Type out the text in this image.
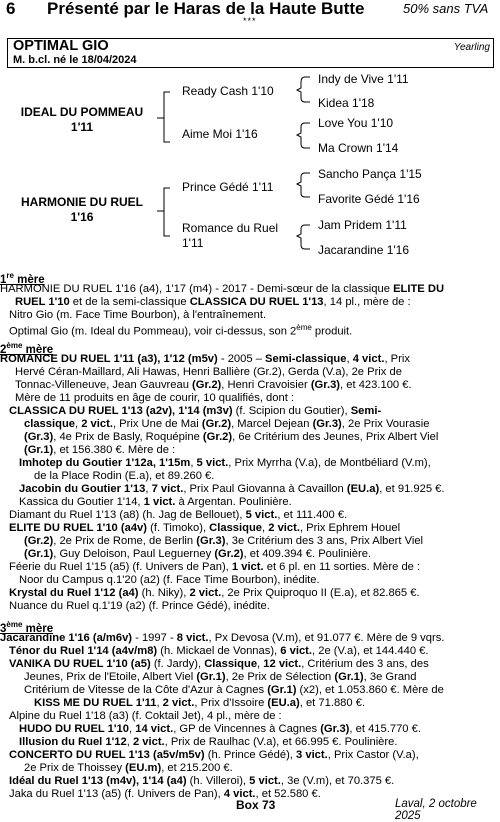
6 Présenté par le Haras de la Haute Butte	50% sans TVA
***
OPTIMAL GIO
M. b.cl. né le 18/04/2024
Yearling
IDEAL DU POMMEAU
1'11
HARMONIE DU RUEL
1'16
Ready Cash 1'10
Aime Moi 1'16
Prince Gédé 1'11
Romance du Ruel
1'11
Indy de Vive 1'11
Kidea 1'18
Love You 1'10
Ma Crown 1'14
Sancho Pança 1'15
Favorite Gédé 1'16
Jam Pridem 1'11
Jacarandine 1'16
1re mère
HARMONIE DU RUEL 1'16 (a4), 1'17 (m4) - 2017 - Demi-sœur de la classique ELITE DU
RUEL 1'10 et de la semi-classique CLASSICA DU RUEL 1'13, 14 pl., mère de :
Nitro Gio (m. Face Time Bourbon), à l'entraînement.
Optimal Gio (m. Ideal du Pommeau), voir ci-dessus, son 2ème produit.
2ème mère
ROMANCE DU RUEL 1'11 (a3), 1'12 (m5v) - 2005 – Semi-classique, 4 vict., Prix
Hervé Céran-Maillard, Ali Hawas, Henri Ballière (Gr.2), Gerda (V.a), 2e Prix de
Tonnac-Villeneuve, Jean Gauvreau (Gr.2), Henri Cravoisier (Gr.3), et 423.100 €.
Mère de 11 produits en âge de courir, 10 qualifiés, dont :
CLASSICA DU RUEL 1'13 (a2v), 1'14 (m3v) (f. Scipion du Goutier), Semi-
classique, 2 vict., Prix Une de Mai (Gr.2), Marcel Dejean (Gr.3), 2e Prix Vourasie
(Gr.3), 4e Prix de Basly, Roquépine (Gr.2), 6e Critérium des Jeunes, Prix Albert Viel
(Gr.1), et 156.380 €. Mère de :
Imhotep du Goutier 1'12a, 1'15m, 5 vict., Prix Myrrha (V.a), de Montbéliard (V.m),
de la Place Rodin (E.a), et 89.260 €.
Jacobin du Goutier 1'13, 7 vict., Prix Paul Giovanna à Cavaillon (EU.a), et 91.925 €.
Kassica du Goutier 1'14, 1 vict. à Argentan. Poulinière.
Diamant du Ruel 1'13 (a8) (h. Jag de Bellouet), 5 vict., et 111.400 €.
ELITE DU RUEL 1'10 (a4v) (f. Timoko), Classique, 2 vict., Prix Ephrem Houel
(Gr.2), 2e Prix de Rome, de Berlin (Gr.3), 3e Critérium des 3 ans, Prix Albert Viel
(Gr.1), Guy Deloison, Paul Leguerney (Gr.2), et 409.394 €. Poulinière.
Féerie du Ruel 1'15 (a5) (f. Univers de Pan), 1 vict. et 6 pl. en 11 sorties. Mère de :
Noor du Campus q.1'20 (a2) (f. Face Time Bourbon), inédite.
Krystal du Ruel 1'12 (a4) (h. Niky), 2 vict., 2e Prix Quiproquo II (E.a), et 82.865 €.
Nuance du Ruel q.1'19 (a2) (f. Prince Gédé), inédite.
3ème mère
Jacarandine 1'16 (a/m6v) - 1997 - 8 vict., Px Devosa (V.m), et 91.077 €. Mère de 9 vqrs.
Ténor du Ruel 1'14 (a4v/m8) (h. Mickael de Vonnas), 6 vict., 2e (V.a), et 144.440 €.
VANIKA DU RUEL 1'10 (a5) (f. Jardy), Classique, 12 vict., Critérium des 3 ans, des
Jeunes, Prix de l'Etoile, Albert Viel (Gr.1), 2e Prix de Sélection (Gr.1), 3e Grand
Critérium de Vitesse de la Côte d'Azur à Cagnes (Gr.1) (x2), et 1.053.860 €. Mère de
KISS ME DU RUEL 1'11, 2 vict., Prix d'Issoire (EU.a), et 71.880 €.
Alpine du Ruel 1'18 (a3) (f. Coktail Jet), 4 pl., mère de :
HUDO DU RUEL 1'10, 14 vict., GP de Vincennes à Cagnes (Gr.3), et 415.770 €.
Illusion du Ruel 1'12, 2 vict., Prix de Raulhac (V.a), et 66.995 €. Poulinière.
CONCERTO DU RUEL 1'13 (a5v/m5v) (h. Prince Gédé), 3 vict., Prix Castor (V.a),
2e Prix de Thoissey (EU.m), et 215.200 €.
Idéal du Ruel 1'13 (m4v), 1'14 (a4) (h. Villeroi), 5 vict., 3e (V.m), et 70.375 €.
Jaka du Ruel 1'13 (a5) (f. Univers de Pan), 4 vict., et 52.580 €.
Box 73	Laval, 2 octobre 2025
